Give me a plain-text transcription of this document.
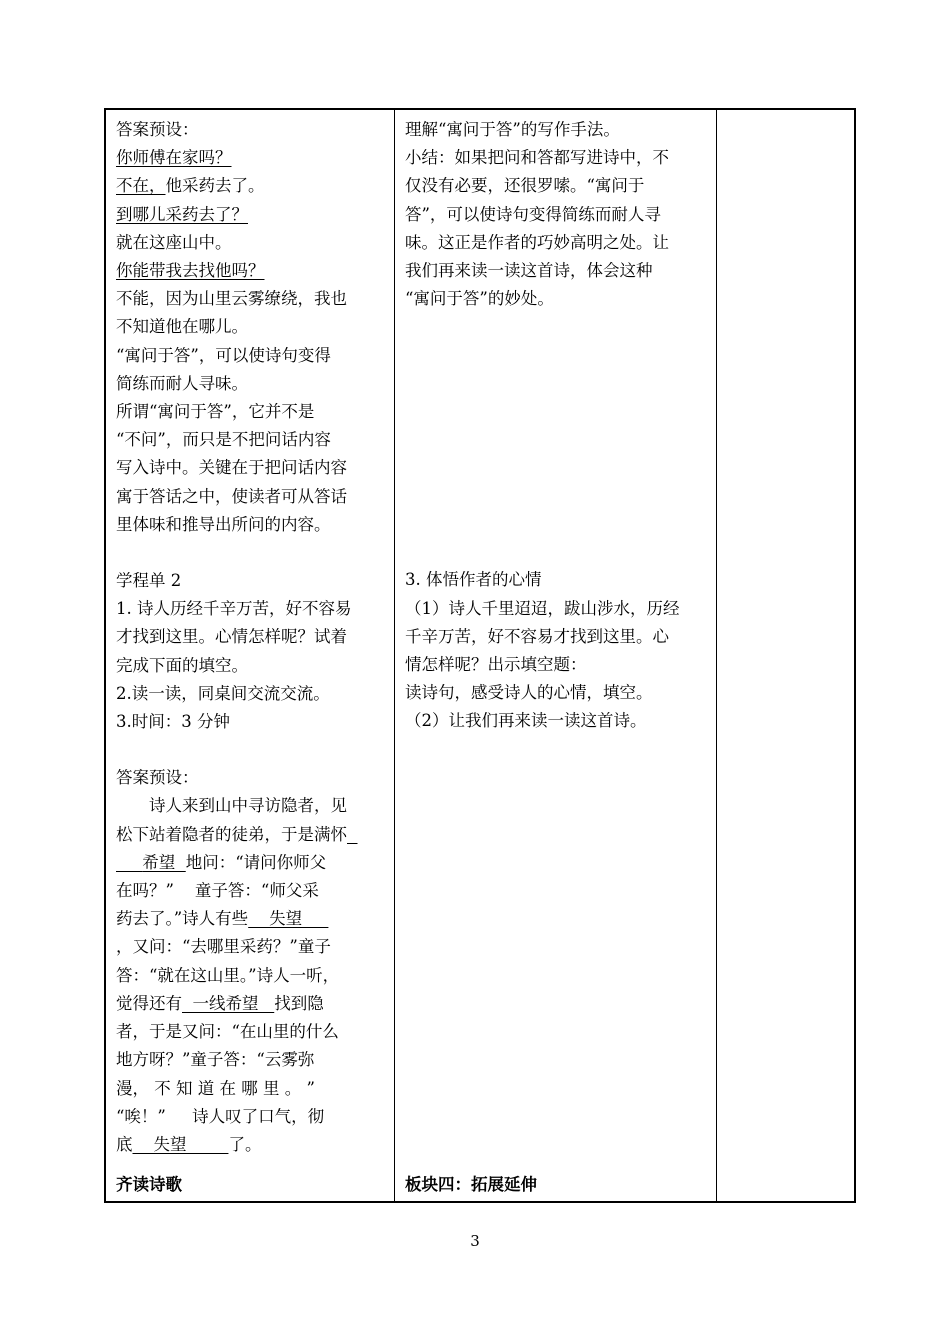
答案预设：

你师傅在家吗？

不在，他采药去了。

到哪儿采药去了？

就在这座山中。

你能带我去找他吗？

不能，因为山里云雾缭绕，我也

不知道他在哪儿。

“寓问于答”，可以使诗句变得

简练而耐人寻味。

所谓“寓问于答”，它并不是

“不问”，而只是不把问话内容

写入诗中。关键在于把问话内容

寓于答话之中，使读者可从答话

里体味和推导出所问的内容。

学程单 2

1. 诗人历经千辛万苦，好不容易

才找到这里。心情怎样呢？试着

完成下面的填空。

2.读一读，同桌间交流交流。

3.时间：3 分钟

答案预设：

诗人来到山中寻访隐者，见

松下站着隐者的徒弟，于是满怀

希望  地问：“请问你师父

在吗？”    童子答：“师父采

药去了。”诗人有些    失望

，又问：“去哪里采药？”童子

答：“就在这山里。”诗人一听，

觉得还有  一线希望   找到隐

者，于是又问：“在山里的什么

地方呀？”童子答：“云雾弥

漫， 不 知 道 在 哪 里 。 ”

“唉！”     诗人叹了口气，彻

底    失望        了。

齐读诗歌

理解“寓问于答”的写作手法。

小结：如果把问和答都写进诗中，不

仅没有必要，还很罗嗦。“寓问于

答”，可以使诗句变得简练而耐人寻

味。这正是作者的巧妙高明之处。让

我们再来读一读这首诗，体会这种

“寓问于答”的妙处。

3. 体悟作者的心情

（1）诗人千里迢迢，跋山涉水，历经

千辛万苦，好不容易才找到这里。心

情怎样呢？出示填空题：

读诗句，感受诗人的心情，填空。

（2）让我们再来读一读这首诗。

板块四：拓展延伸
3
